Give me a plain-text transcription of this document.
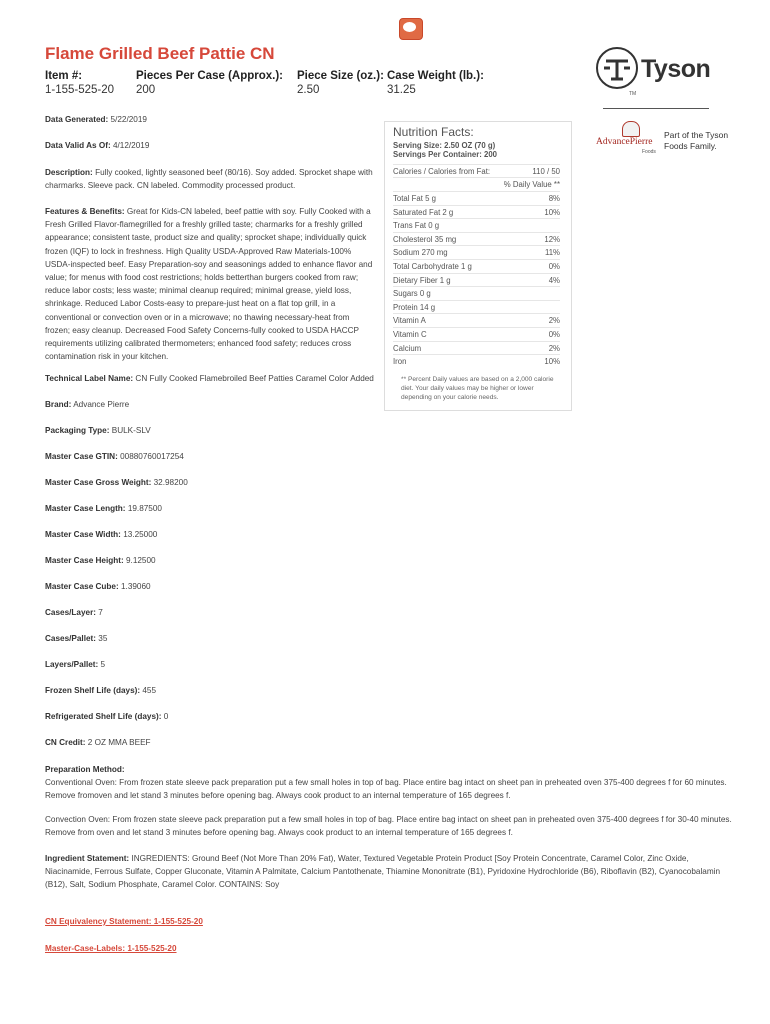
Flame Grilled Beef Pattie CN
Item #:
1-155-525-20
Pieces Per Case (Approx.):
200
Piece Size (oz.):
2.50
Case Weight (lb.):
31.25
Tyson
TM
AdvancePierre
Foods
Part of the Tyson
Foods Family.
Data Generated: 5/22/2019
Data Valid As Of: 4/12/2019
Description: Fully cooked, lightly seasoned beef (80/16). Soy added. Sprocket shape with charmarks. Sleeve pack. CN labeled. Commodity processed product.
Features & Benefits: Great for Kids-CN labeled, beef pattie with soy. Fully Cooked with a Fresh Grilled Flavor-flamegrilled for a freshly grilled taste; charmarks for a freshly grilled appearance; consistent taste, product size and quality; sprocket shape; individually quick frozen (IQF) to lock in freshness. High Quality USDA-Approved Raw Materials-100% USDA-inspected beef. Easy Preparation-soy and seasonings added to enhance flavor and value; for menus with food cost restrictions; holds betterthan burgers cooked from raw; reduce labor costs; less waste; minimal cleanup required; minimal grease, yield loss, shrinkage. Reduced Labor Costs-easy to prepare-just heat on a flat top grill, in a conventional or convection oven or in a microwave; no thawing necessary-heat from frozen; easy cleanup. Decreased Food Safety Concerns-fully cooked to USDA HACCP requirements utilizing calibrated thermometers; enhanced food safety; reduces cross contamination risk in your kitchen.
Technical Label Name: CN Fully Cooked Flamebroiled Beef Patties Caramel Color Added
Brand: Advance Pierre
Packaging Type: BULK-SLV
Master Case GTIN: 00880760017254
Master Case Gross Weight: 32.98200
Master Case Length: 19.87500
Master Case Width: 13.25000
Master Case Height: 9.12500
Master Case Cube: 1.39060
Cases/Layer: 7
Cases/Pallet: 35
Layers/Pallet: 5
Frozen Shelf Life (days): 455
Refrigerated Shelf Life (days): 0
CN Credit: 2 OZ MMA BEEF
Preparation Method:
Conventional Oven: From frozen state sleeve pack preparation put a few small holes in top of bag. Place entire bag intact on sheet pan in preheated oven 375-400 degrees f for 60 minutes. Remove fromoven and let stand 3 minutes before opening bag. Always cook product to an internal temperature of 165 degrees f.
Convection Oven: From frozen state sleeve pack preparation put a few small holes in top of bag. Place entire bag intact on sheet pan in preheated oven 375-400 degrees f for 30-40 minutes. Remove from oven and let stand 3 minutes before opening bag. Always cook product to an internal temperature of 165 degrees f.
Ingredient Statement: INGREDIENTS: Ground Beef (Not More Than 20% Fat), Water, Textured Vegetable Protein Product [Soy Protein Concentrate, Caramel Color, Zinc Oxide, Niacinamide, Ferrous Sulfate, Copper Gluconate, Vitamin A Palmitate, Calcium Pantothenate, Thiamine Mononitrate (B1), Pyridoxine Hydrochloride (B6), Riboflavin (B2), Cyanocobalamin (B12), Salt, Sodium Phosphate, Caramel Color. CONTAINS: Soy
CN Equivalency Statement: 1-155-525-20
Master-Case-Labels: 1-155-525-20
Nutrition Facts:
Serving Size: 2.50 OZ (70 g)
Servings Per Container: 200
Calories / Calories from Fat:	110 / 50
% Daily Value **
Total Fat 5 g	8%
Saturated Fat 2 g	10%
Trans Fat 0 g
Cholesterol 35 mg	12%
Sodium 270 mg	11%
Total Carbohydrate 1 g	0%
Dietary Fiber 1 g	4%
Sugars 0 g
Protein 14 g
Vitamin A	2%
Vitamin C	0%
Calcium	2%
Iron	10%
** Percent Daily values are based on a 2,000 calorie diet. Your daily values may be higher or lower depending on your calorie needs.
